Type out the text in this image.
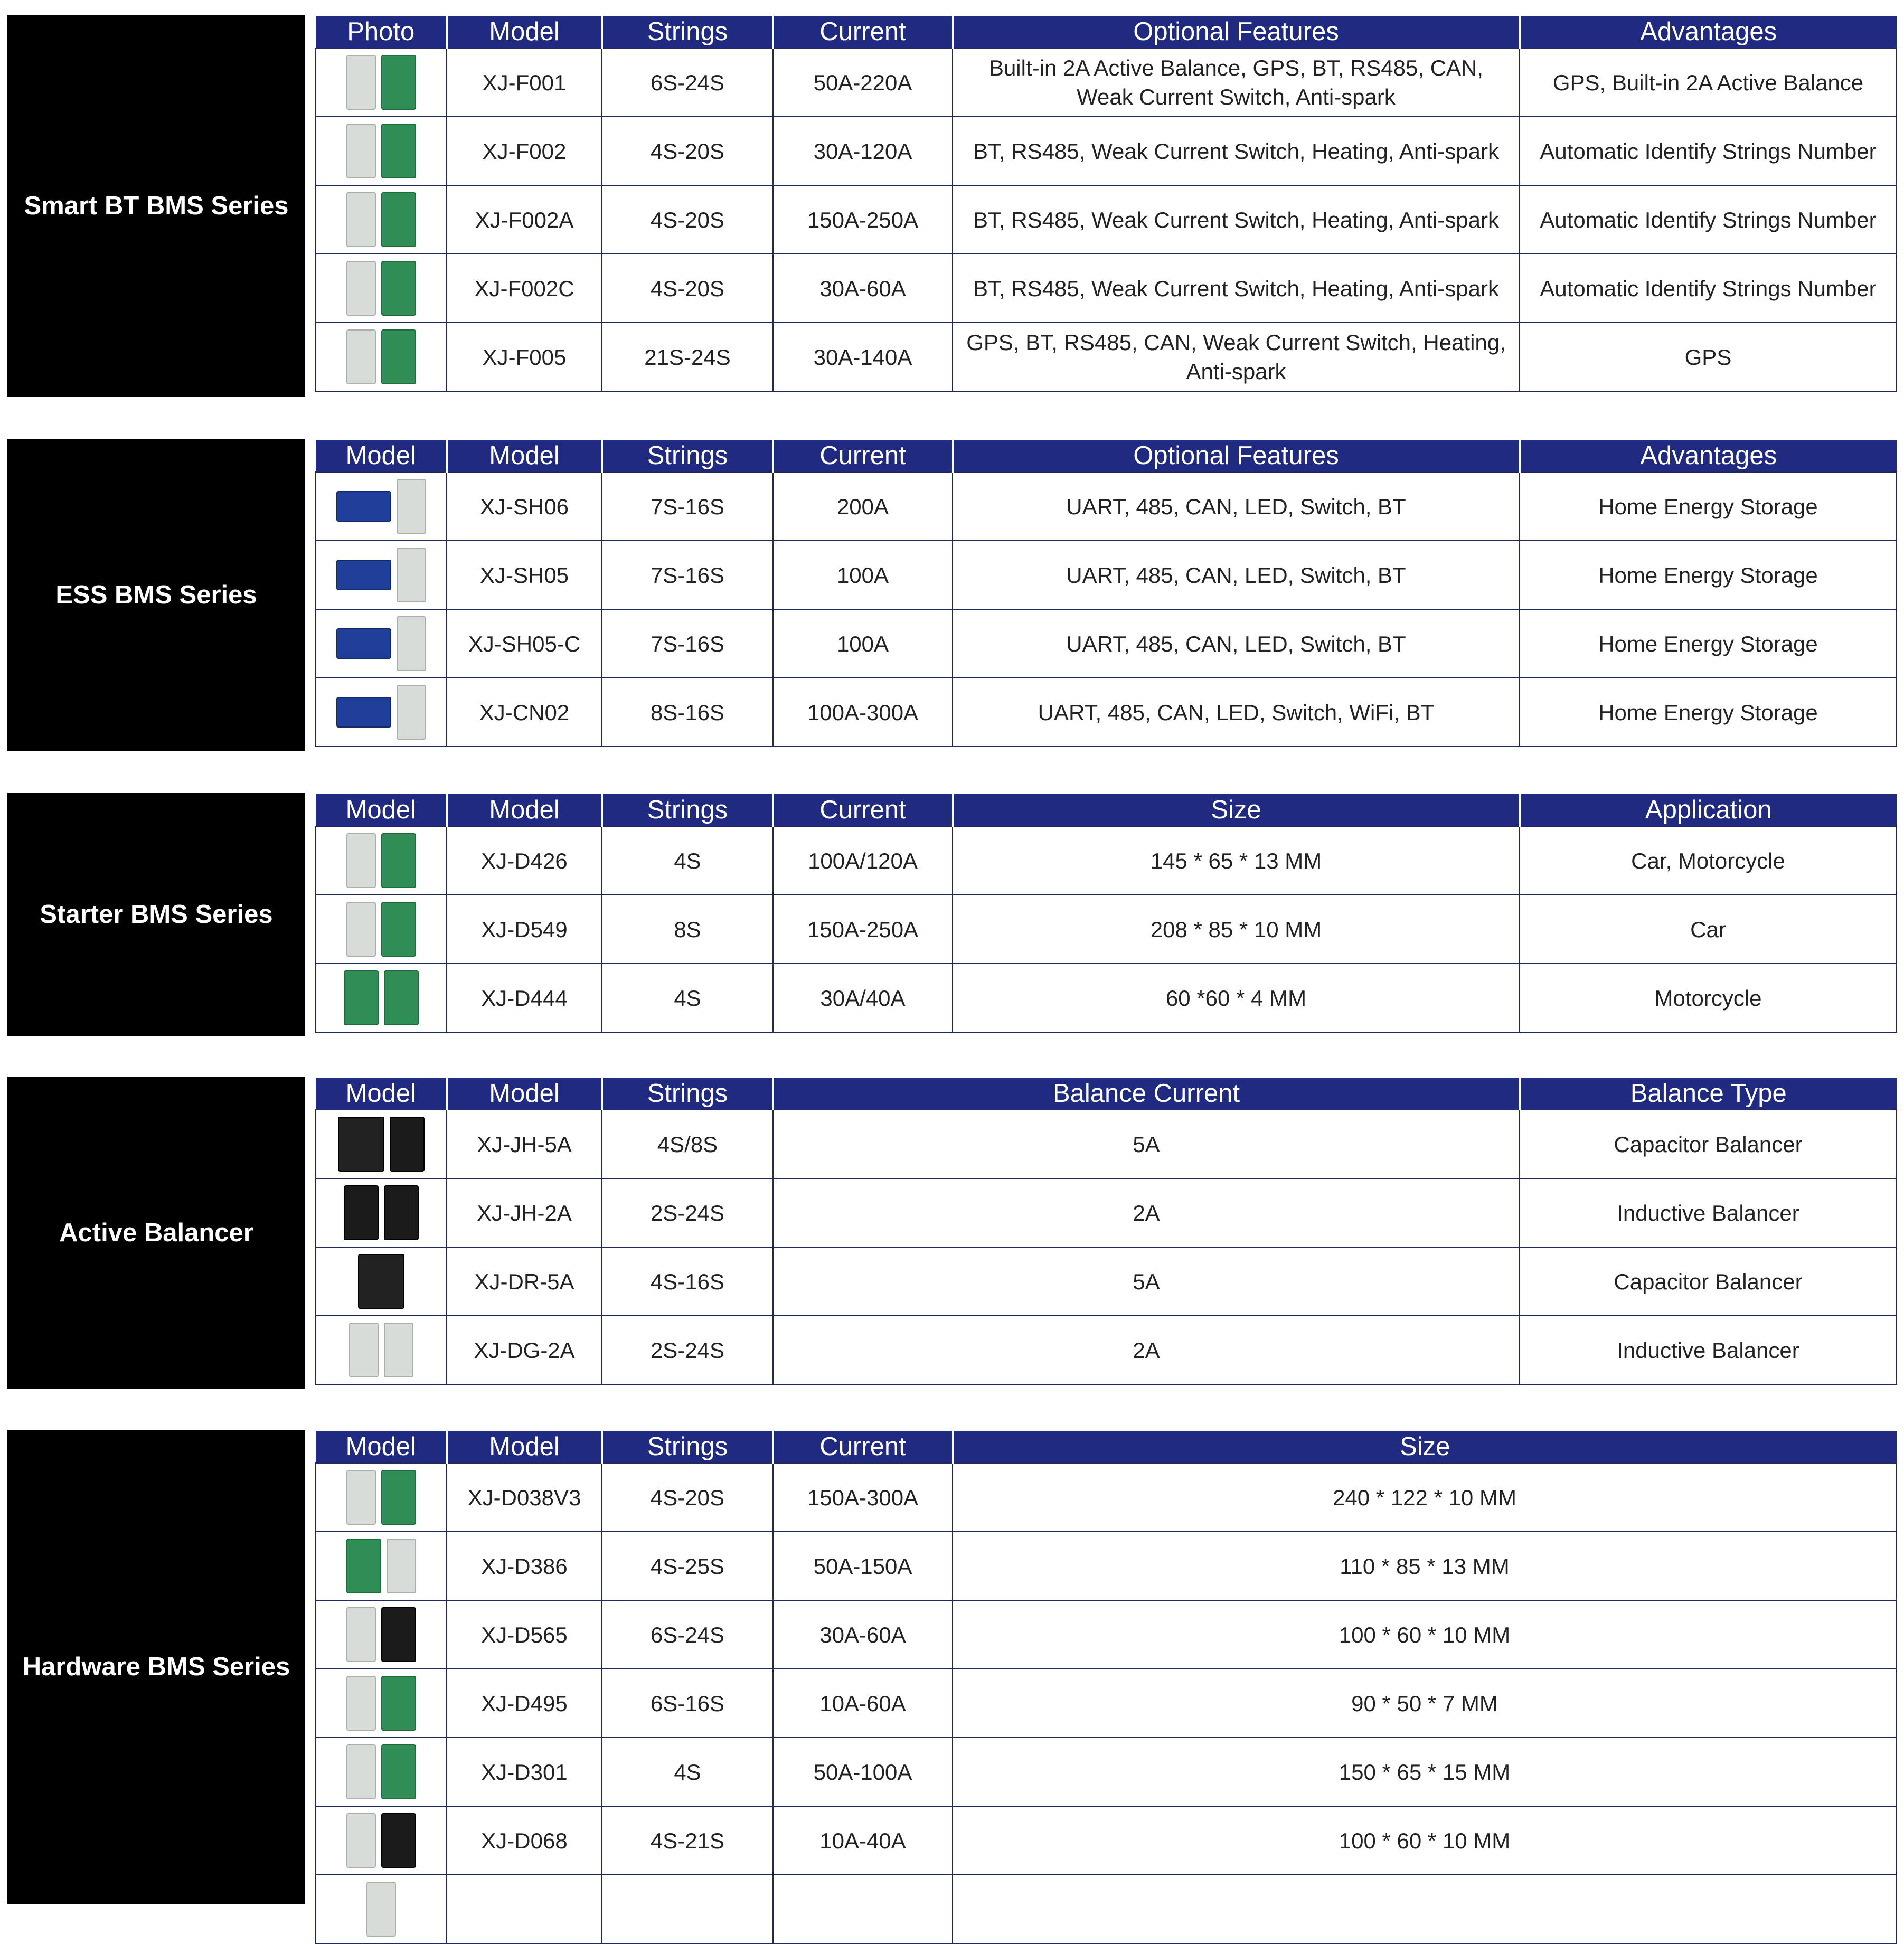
Smart BT BMS Series
Photo	Model	Strings	Current	Optional Features	Advantages

	XJ-F001	6S-24S	50A-220A	Built-in 2A Active Balance, GPS, BT, RS485, CAN, Weak Current Switch, Anti-spark	GPS, Built-in 2A Active Balance

	XJ-F002	4S-20S	30A-120A	BT, RS485, Weak Current Switch, Heating, Anti-spark	Automatic Identify Strings Number

	XJ-F002A	4S-20S	150A-250A	BT, RS485, Weak Current Switch, Heating, Anti-spark	Automatic Identify Strings Number

	XJ-F002C	4S-20S	30A-60A	BT, RS485, Weak Current Switch, Heating, Anti-spark	Automatic Identify Strings Number

	XJ-F005	21S-24S	30A-140A	GPS, BT, RS485, CAN, Weak Current Switch, Heating, Anti-spark	GPS
ESS BMS Series
Model	Model	Strings	Current	Optional Features	Advantages

	XJ-SH06	7S-16S	200A	UART, 485, CAN, LED, Switch, BT	Home Energy Storage

	XJ-SH05	7S-16S	100A	UART, 485, CAN, LED, Switch, BT	Home Energy Storage

	XJ-SH05-C	7S-16S	100A	UART, 485, CAN, LED, Switch, BT	Home Energy Storage

	XJ-CN02	8S-16S	100A-300A	UART, 485, CAN, LED, Switch, WiFi, BT	Home Energy Storage
Starter BMS Series
Model	Model	Strings	Current	Size	Application

	XJ-D426	4S	100A/120A	145 * 65 * 13 MM	Car, Motorcycle

	XJ-D549	8S	150A-250A	208 * 85 * 10 MM	Car

	XJ-D444	4S	30A/40A	60 *60 * 4 MM	Motorcycle
Active Balancer
Model	Model	Strings	Balance Current	Balance Type

	XJ-JH-5A	4S/8S	5A	Capacitor Balancer

	XJ-JH-2A	2S-24S	2A	Inductive Balancer

	XJ-DR-5A	4S-16S	5A	Capacitor Balancer

	XJ-DG-2A	2S-24S	2A	Inductive Balancer
Hardware BMS Series
Model	Model	Strings	Current	Size

	XJ-D038V3	4S-20S	150A-300A	240 * 122 * 10 MM

	XJ-D386	4S-25S	50A-150A	110 * 85 * 13 MM

	XJ-D565	6S-24S	30A-60A	100 * 60 * 10 MM

	XJ-D495	6S-16S	10A-60A	90 * 50 * 7 MM

	XJ-D301	4S	50A-100A	150 * 65 * 15 MM

	XJ-D068	4S-21S	10A-40A	100 * 60 * 10 MM
